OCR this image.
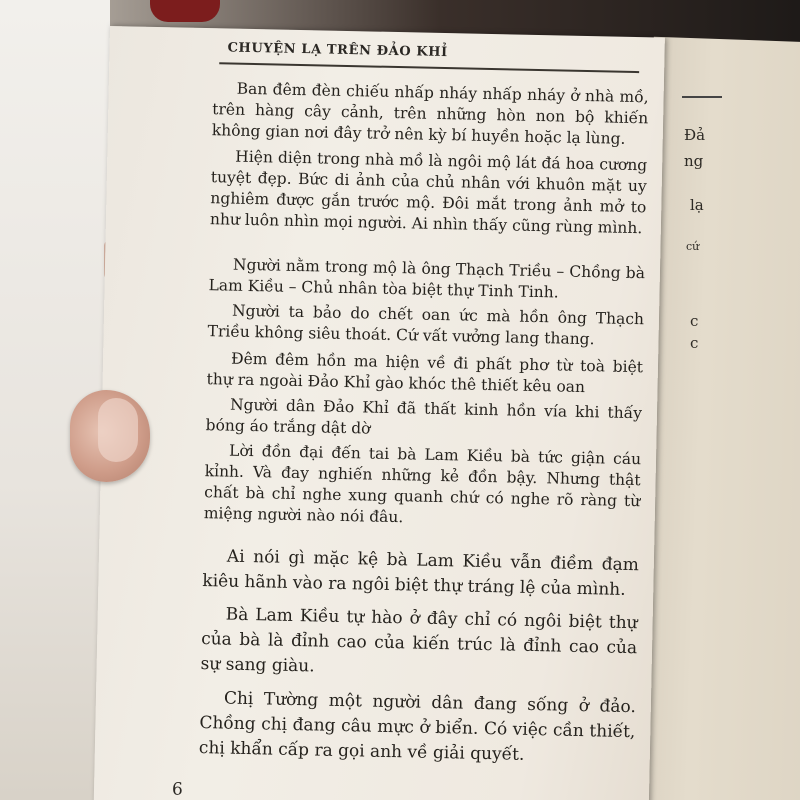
Đả
ng
lạ
cứ
c
c
CHUYỆN LẠ TRÊN ĐẢO KHỈ

Ban đêm đèn chiếu nhấp nháy nhấp nháy ở nhà mồ, trên hàng cây cảnh, trên những hòn non bộ khiến không gian nơi đây trở nên kỳ bí huyền hoặc lạ lùng.

Hiện diện trong nhà mồ là ngôi mộ lát đá hoa cương tuyệt đẹp. Bức di ảnh của chủ nhân với khuôn mặt uy nghiêm được gắn trước mộ. Đôi mắt trong ảnh mở to như luôn nhìn mọi người. Ai nhìn thấy cũng rùng mình.

Người nằm trong mộ là ông Thạch Triều – Chồng bà Lam Kiều – Chủ nhân tòa biệt thự Tinh Tinh.

Người ta bảo do chết oan ức mà hồn ông Thạch Triều không siêu thoát. Cứ vất vưởng lang thang.

Đêm đêm hồn ma hiện về đi phất phơ từ toà biệt thự ra ngoài Đảo Khỉ gào khóc thê thiết kêu oan

Người dân Đảo Khỉ đã thất kinh hồn vía khi thấy bóng áo trắng dật dờ

Lời đồn đại đến tai bà Lam Kiều bà tức giận cáu kỉnh. Và đay nghiến những kẻ đồn bậy. Nhưng thật chất bà chỉ nghe xung quanh chứ có nghe rõ ràng từ miệng người nào nói đâu.

Ai nói gì mặc kệ bà Lam Kiều vẫn điềm đạm kiêu hãnh vào ra ngôi biệt thự tráng lệ của mình.

Bà Lam Kiều tự hào ở đây chỉ có ngôi biệt thự của bà là đỉnh cao của kiến trúc là đỉnh cao của sự sang giàu.

Chị Tường một người dân đang sống ở đảo. Chồng chị đang câu mực ở biển. Có việc cần thiết, chị khẩn cấp ra gọi anh về giải quyết.

6
